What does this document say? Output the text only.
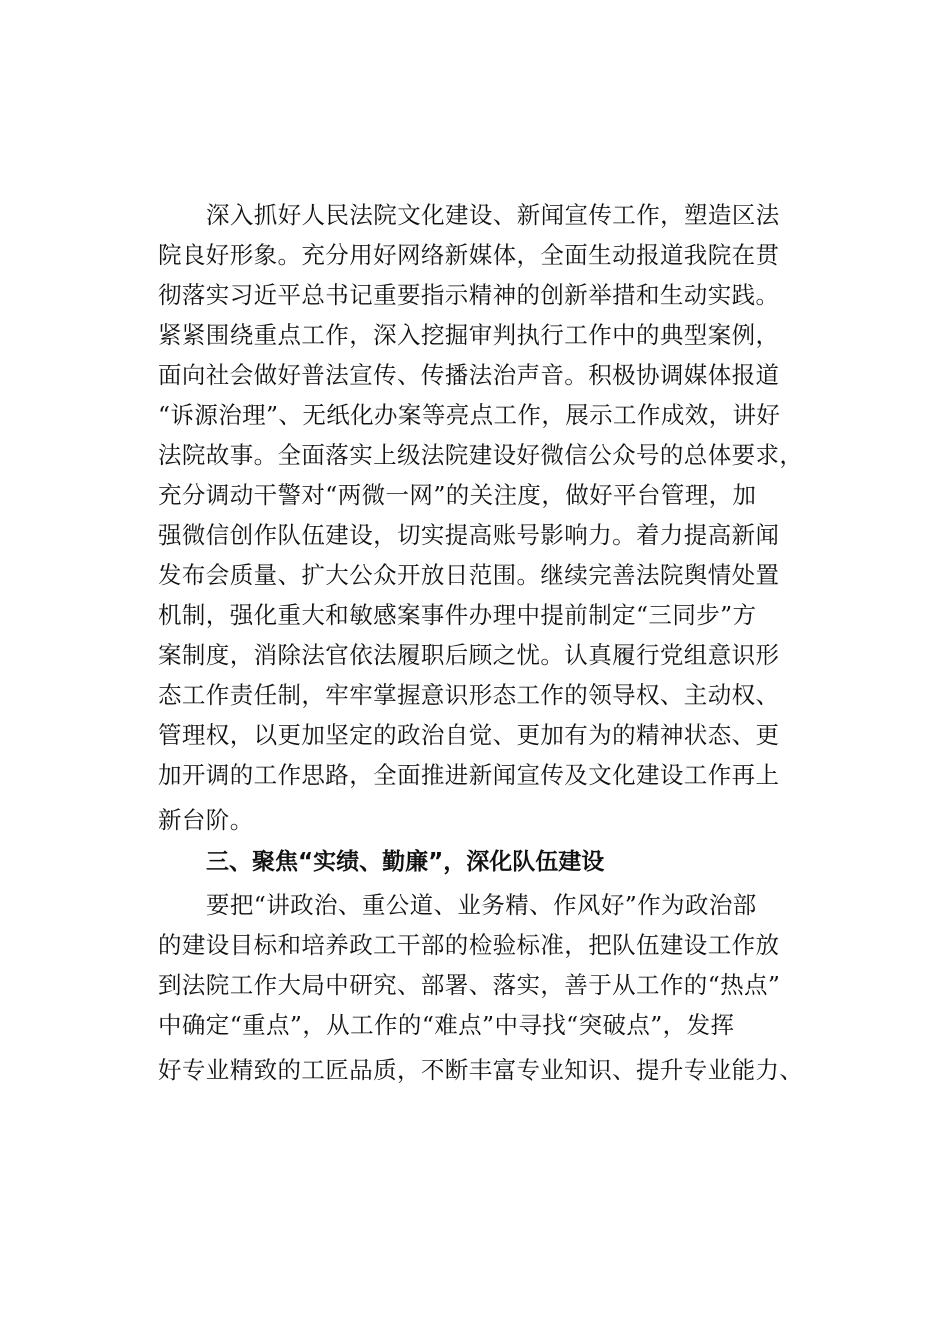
深入抓好人民法院文化建设、新闻宣传工作，塑造区法
院良好形象。充分用好网络新媒体，全面生动报道我院在贯
彻落实习近平总书记重要指示精神的创新举措和生动实践。
紧紧围绕重点工作，深入挖掘审判执行工作中的典型案例，
面向社会做好普法宣传、传播法治声音。积极协调媒体报道
“诉源治理”、无纸化办案等亮点工作，展示工作成效，讲好
法院故事。全面落实上级法院建设好微信公众号的总体要求，
充分调动干警对“两微一网”的关注度，做好平台管理，加
强微信创作队伍建设，切实提高账号影响力。着力提高新闻
发布会质量、扩大公众开放日范围。继续完善法院舆情处置
机制，强化重大和敏感案事件办理中提前制定“三同步”方
案制度，消除法官依法履职后顾之忧。认真履行党组意识形
态工作责任制，牢牢掌握意识形态工作的领导权、主动权、
管理权，以更加坚定的政治自觉、更加有为的精神状态、更
加开调的工作思路，全面推进新闻宣传及文化建设工作再上
新台阶。
三、聚焦“实绩、勤廉”，深化队伍建设
要把“讲政治、重公道、业务精、作风好”作为政治部
的建设目标和培养政工干部的检验标准，把队伍建设工作放
到法院工作大局中研究、部署、落实，善于从工作的“热点”
中确定“重点”，从工作的“难点”中寻找“突破点”，发挥
好专业精致的工匠品质，不断丰富专业知识、提升专业能力、
